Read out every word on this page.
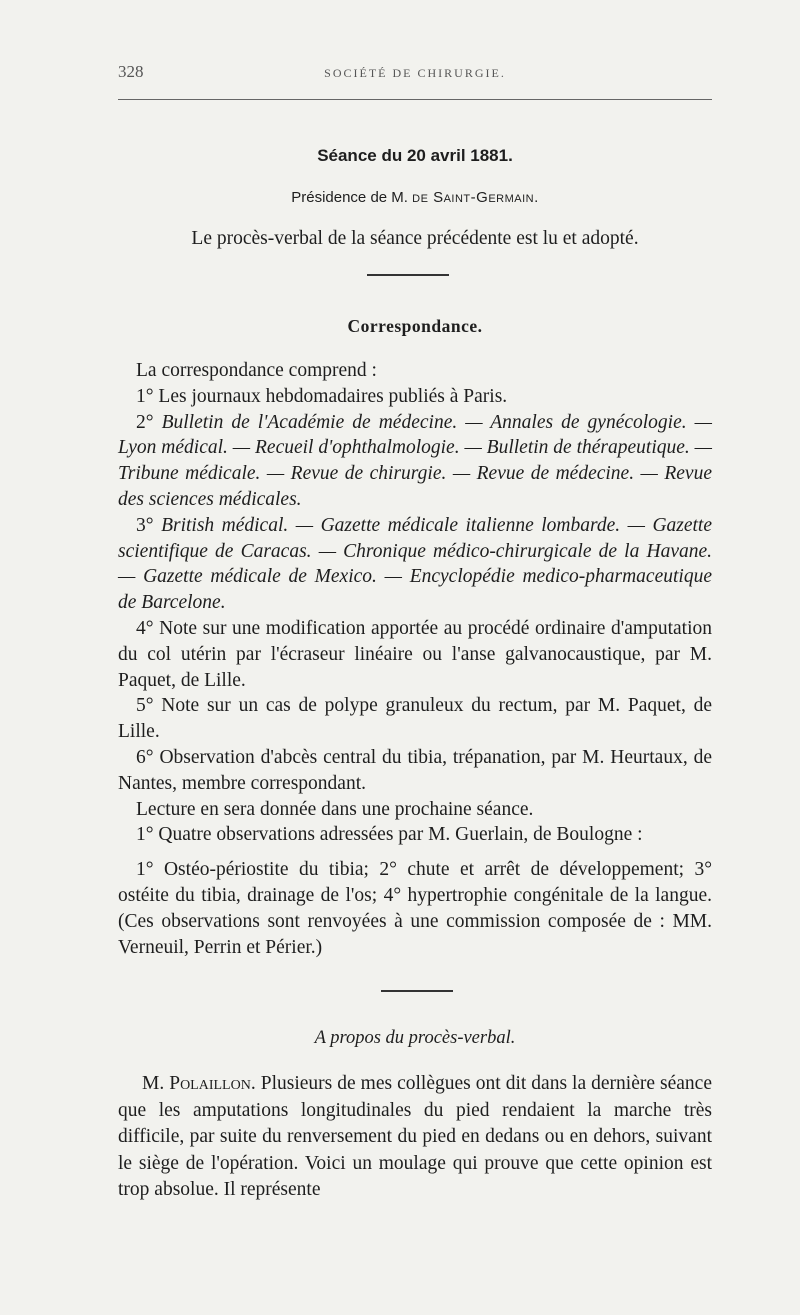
328	SOCIÉTÉ DE CHIRURGIE.
Séance du 20 avril 1881.
Présidence de M. de Saint-Germain.
Le procès-verbal de la séance précédente est lu et adopté.
Correspondance.

La correspondance comprend :

1° Les journaux hebdomadaires publiés à Paris.

2° Bulletin de l'Académie de médecine. — Annales de gynécologie. — Lyon médical. — Recueil d'ophthalmologie. — Bulletin de thérapeutique. — Tribune médicale. — Revue de chirurgie. — Revue de médecine. — Revue des sciences médicales.

3° British médical. — Gazette médicale italienne lombarde. — Gazette scientifique de Caracas. — Chronique médico-chirurgicale de la Havane. — Gazette médicale de Mexico. — Encyclopédie medico-pharmaceutique de Barcelone.

4° Note sur une modification apportée au procédé ordinaire d'amputation du col utérin par l'écraseur linéaire ou l'anse galvanocaustique, par M. Paquet, de Lille.

5° Note sur un cas de polype granuleux du rectum, par M. Paquet, de Lille.

6° Observation d'abcès central du tibia, trépanation, par M. Heurtaux, de Nantes, membre correspondant.

Lecture en sera donnée dans une prochaine séance.

1° Quatre observations adressées par M. Guerlain, de Boulogne :

1° Ostéo-périostite du tibia; 2° chute et arrêt de développement; 3° ostéite du tibia, drainage de l'os; 4° hypertrophie congénitale de la langue. (Ces observations sont renvoyées à une commission composée de : MM. Verneuil, Perrin et Périer.)

A propos du procès-verbal.

M. Polaillon. Plusieurs de mes collègues ont dit dans la dernière séance que les amputations longitudinales du pied rendaient la marche très difficile, par suite du renversement du pied en dedans ou en dehors, suivant le siège de l'opération. Voici un moulage qui prouve que cette opinion est trop absolue. Il représente
